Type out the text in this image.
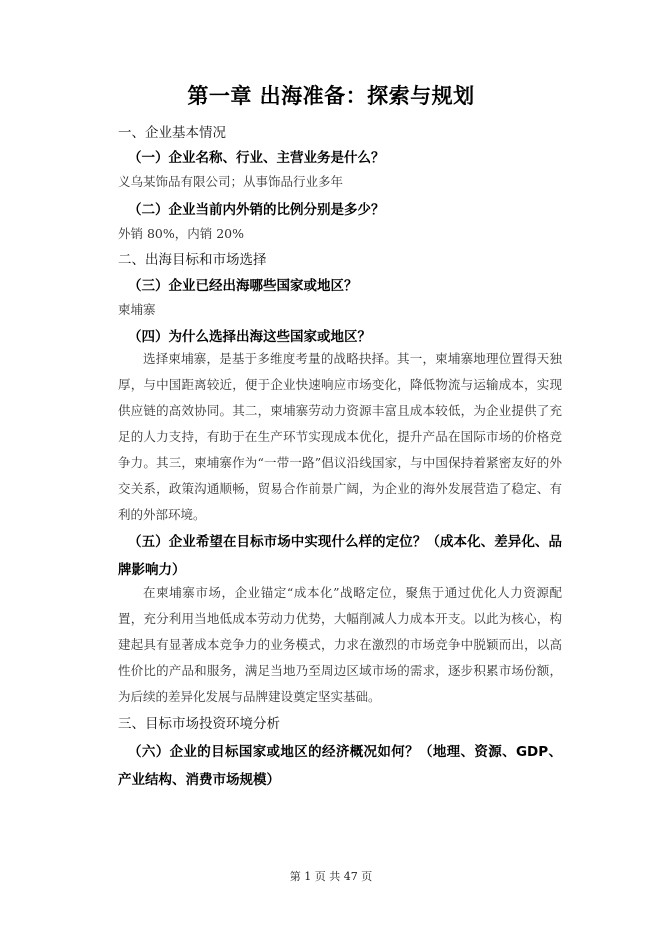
第一章 出海准备：探索与规划
一、企业基本情况
（一）企业名称、行业、主营业务是什么？
义乌某饰品有限公司；从事饰品行业多年
（二）企业当前内外销的比例分别是多少？
外销 80%，内销 20%
二、出海目标和市场选择
（三）企业已经出海哪些国家或地区？
柬埔寨
（四）为什么选择出海这些国家或地区？

选择柬埔寨，是基于多维度考量的战略抉择。其一，柬埔寨地理位置得天独厚，与中国距离较近，便于企业快速响应市场变化，降低物流与运输成本，实现供应链的高效协同。其二，柬埔寨劳动力资源丰富且成本较低，为企业提供了充足的人力支持，有助于在生产环节实现成本优化，提升产品在国际市场的价格竞争力。其三，柬埔寨作为“一带一路”倡议沿线国家，与中国保持着紧密友好的外交关系，政策沟通顺畅，贸易合作前景广阔，为企业的海外发展营造了稳定、有利的外部环境。

（五）企业希望在目标市场中实现什么样的定位？（成本化、差异化、品牌影响力）

在柬埔寨市场，企业锚定“成本化”战略定位，聚焦于通过优化人力资源配置，充分利用当地低成本劳动力优势，大幅削减人力成本开支。以此为核心，构建起具有显著成本竞争力的业务模式，力求在激烈的市场竞争中脱颖而出，以高性价比的产品和服务，满足当地乃至周边区域市场的需求，逐步积累市场份额，为后续的差异化发展与品牌建设奠定坚实基础。

三、目标市场投资环境分析

（六）企业的目标国家或地区的经济概况如何？（地理、资源、GDP、产业结构、消费市场规模）

第 1 页 共 47 页
